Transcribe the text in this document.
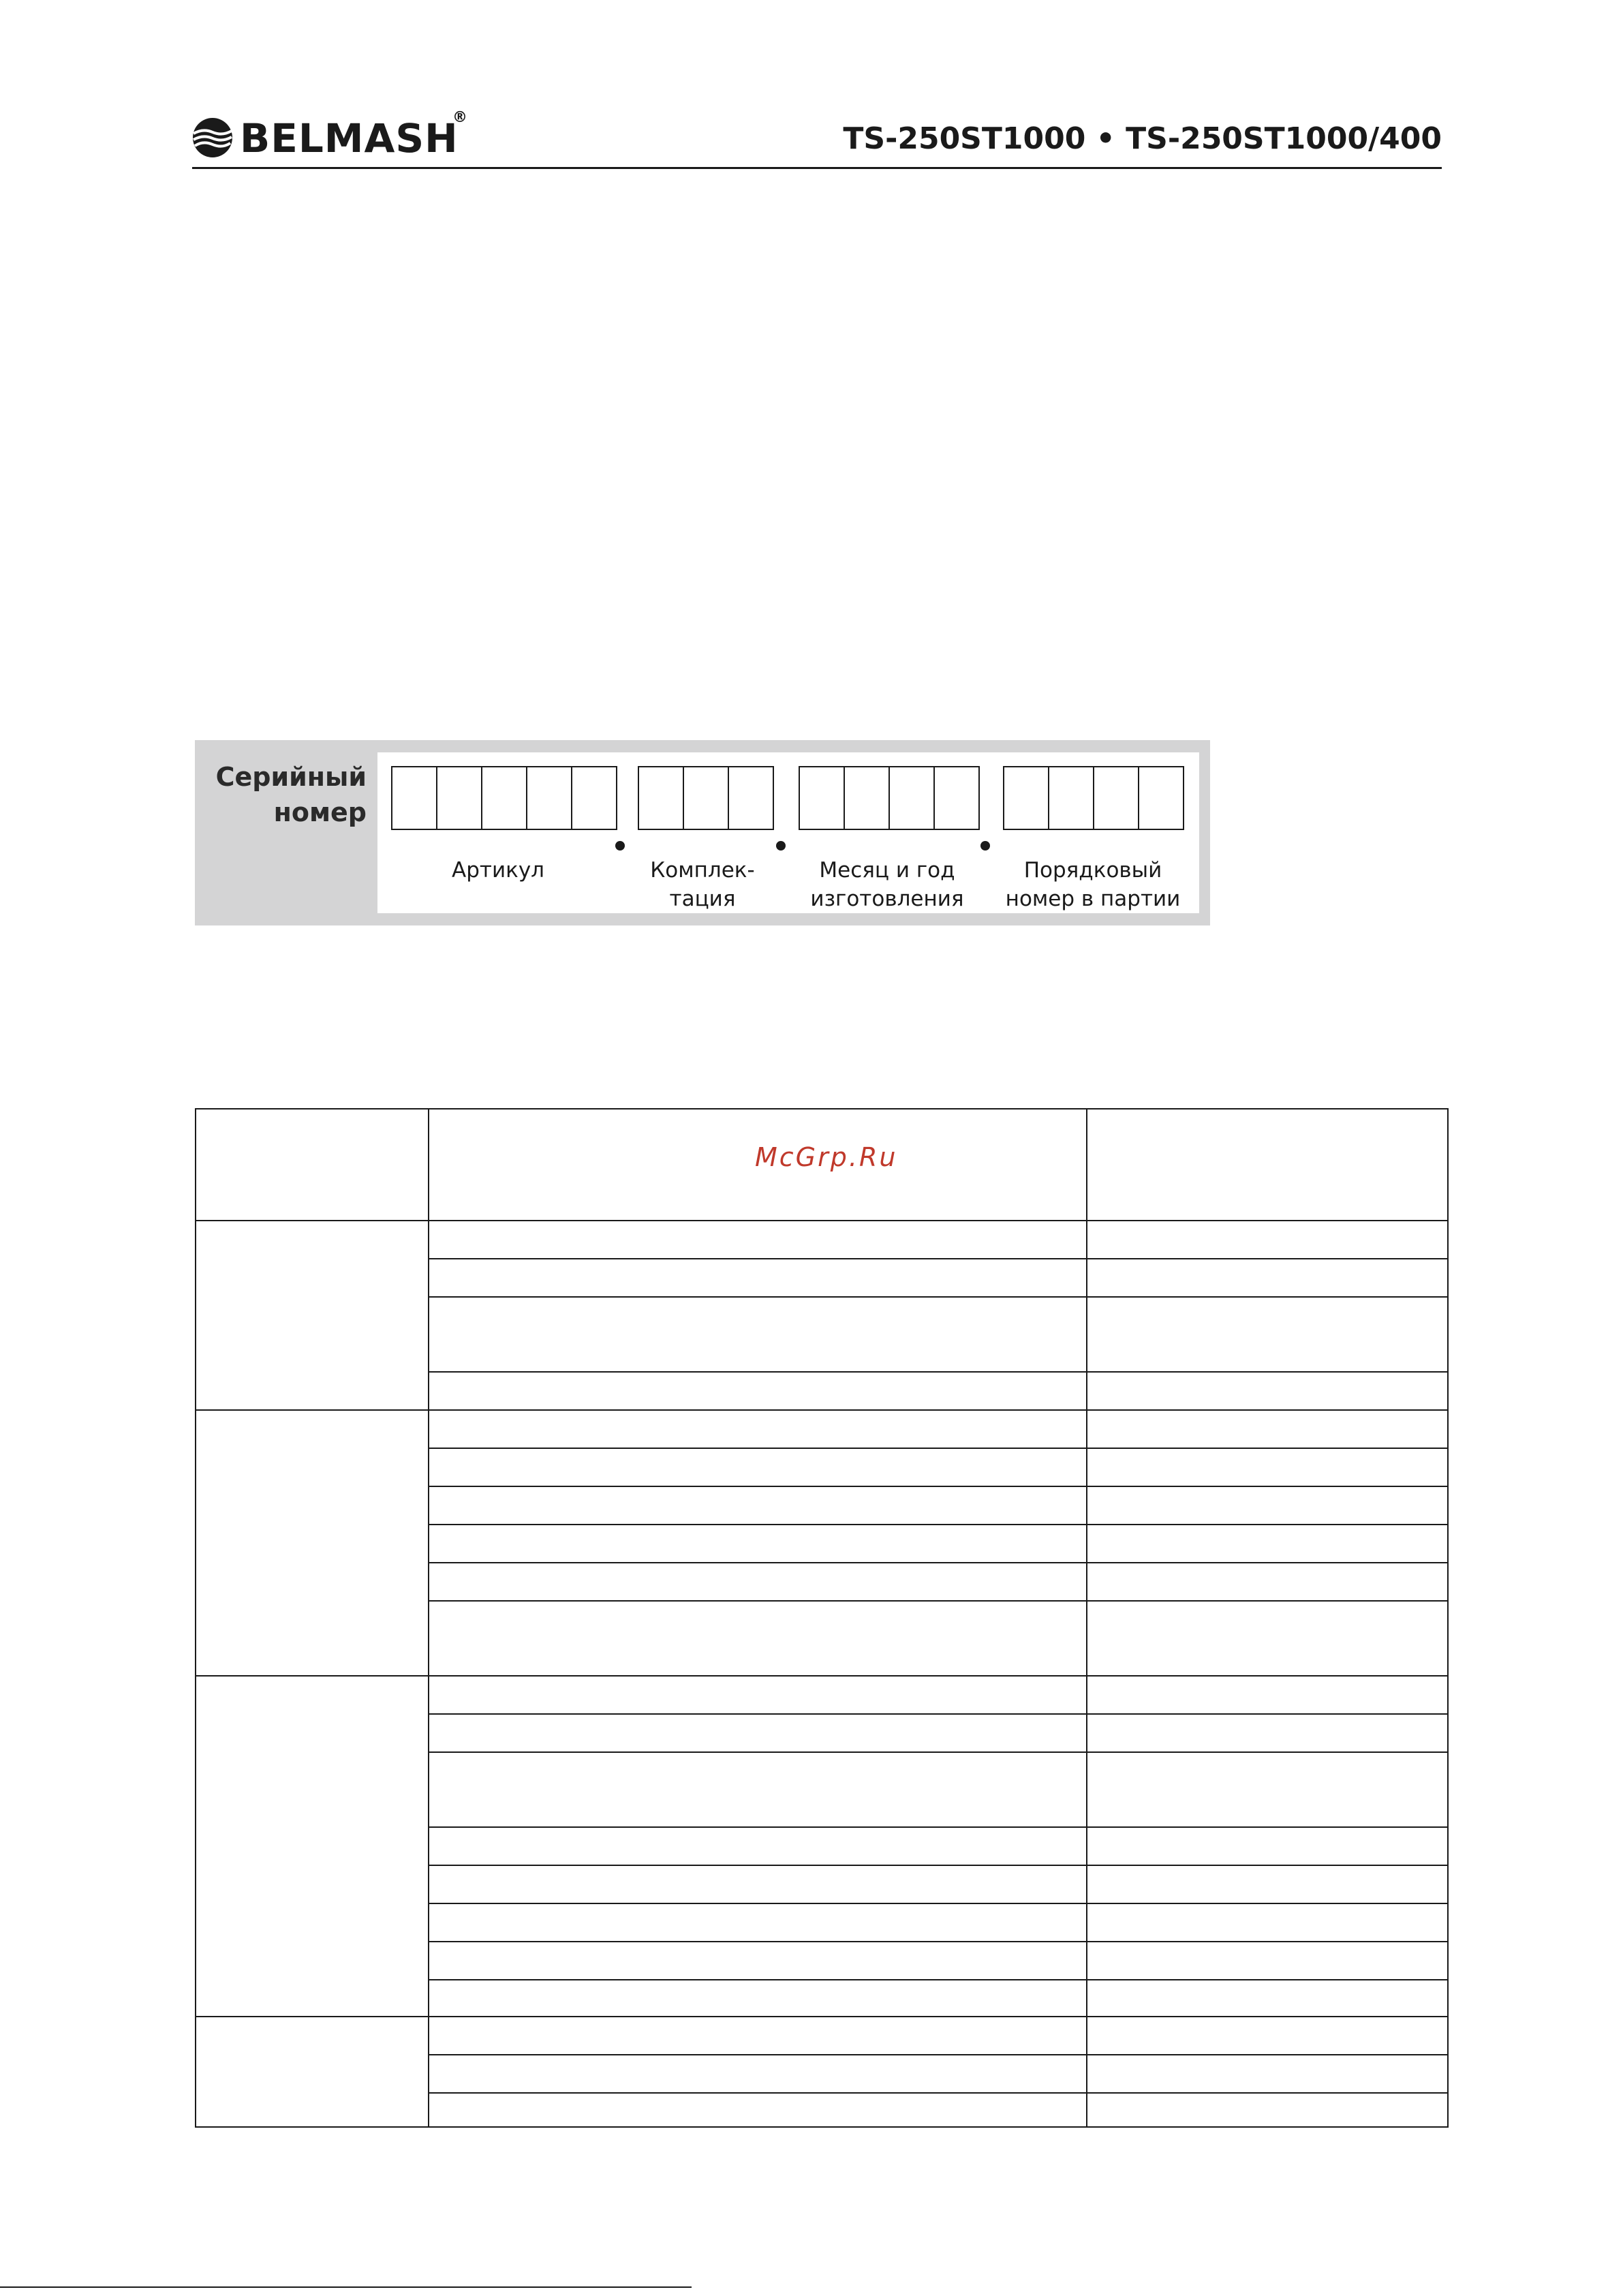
BELMASH
®
TS-250ST1000 • TS-250ST1000/400
Серийный
номер
Артикул	Комплек-
тация
Месяц и год
изготовления
Порядковый
номер в партии
McGrp.Ru
